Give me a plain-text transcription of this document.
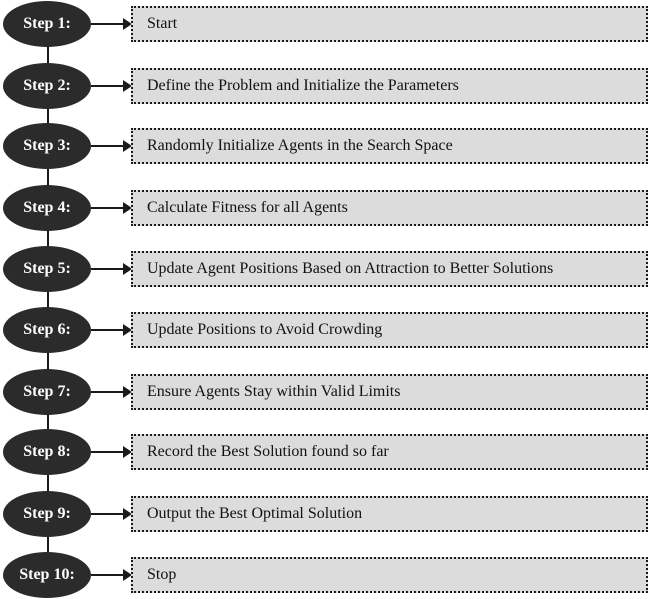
Step 1:	Start
Step 2:	Define the Problem and Initialize the Parameters
Step 3:	Randomly Initialize Agents in the Search Space
Step 4:	Calculate Fitness for all Agents
Step 5:	Update Agent Positions Based on Attraction to Better Solutions
Step 6:	Update Positions to Avoid Crowding
Step 7:	Ensure Agents Stay within Valid Limits
Step 8:	Record the Best Solution found so far
Step 9:	Output the Best Optimal Solution
Step 10:	Stop
